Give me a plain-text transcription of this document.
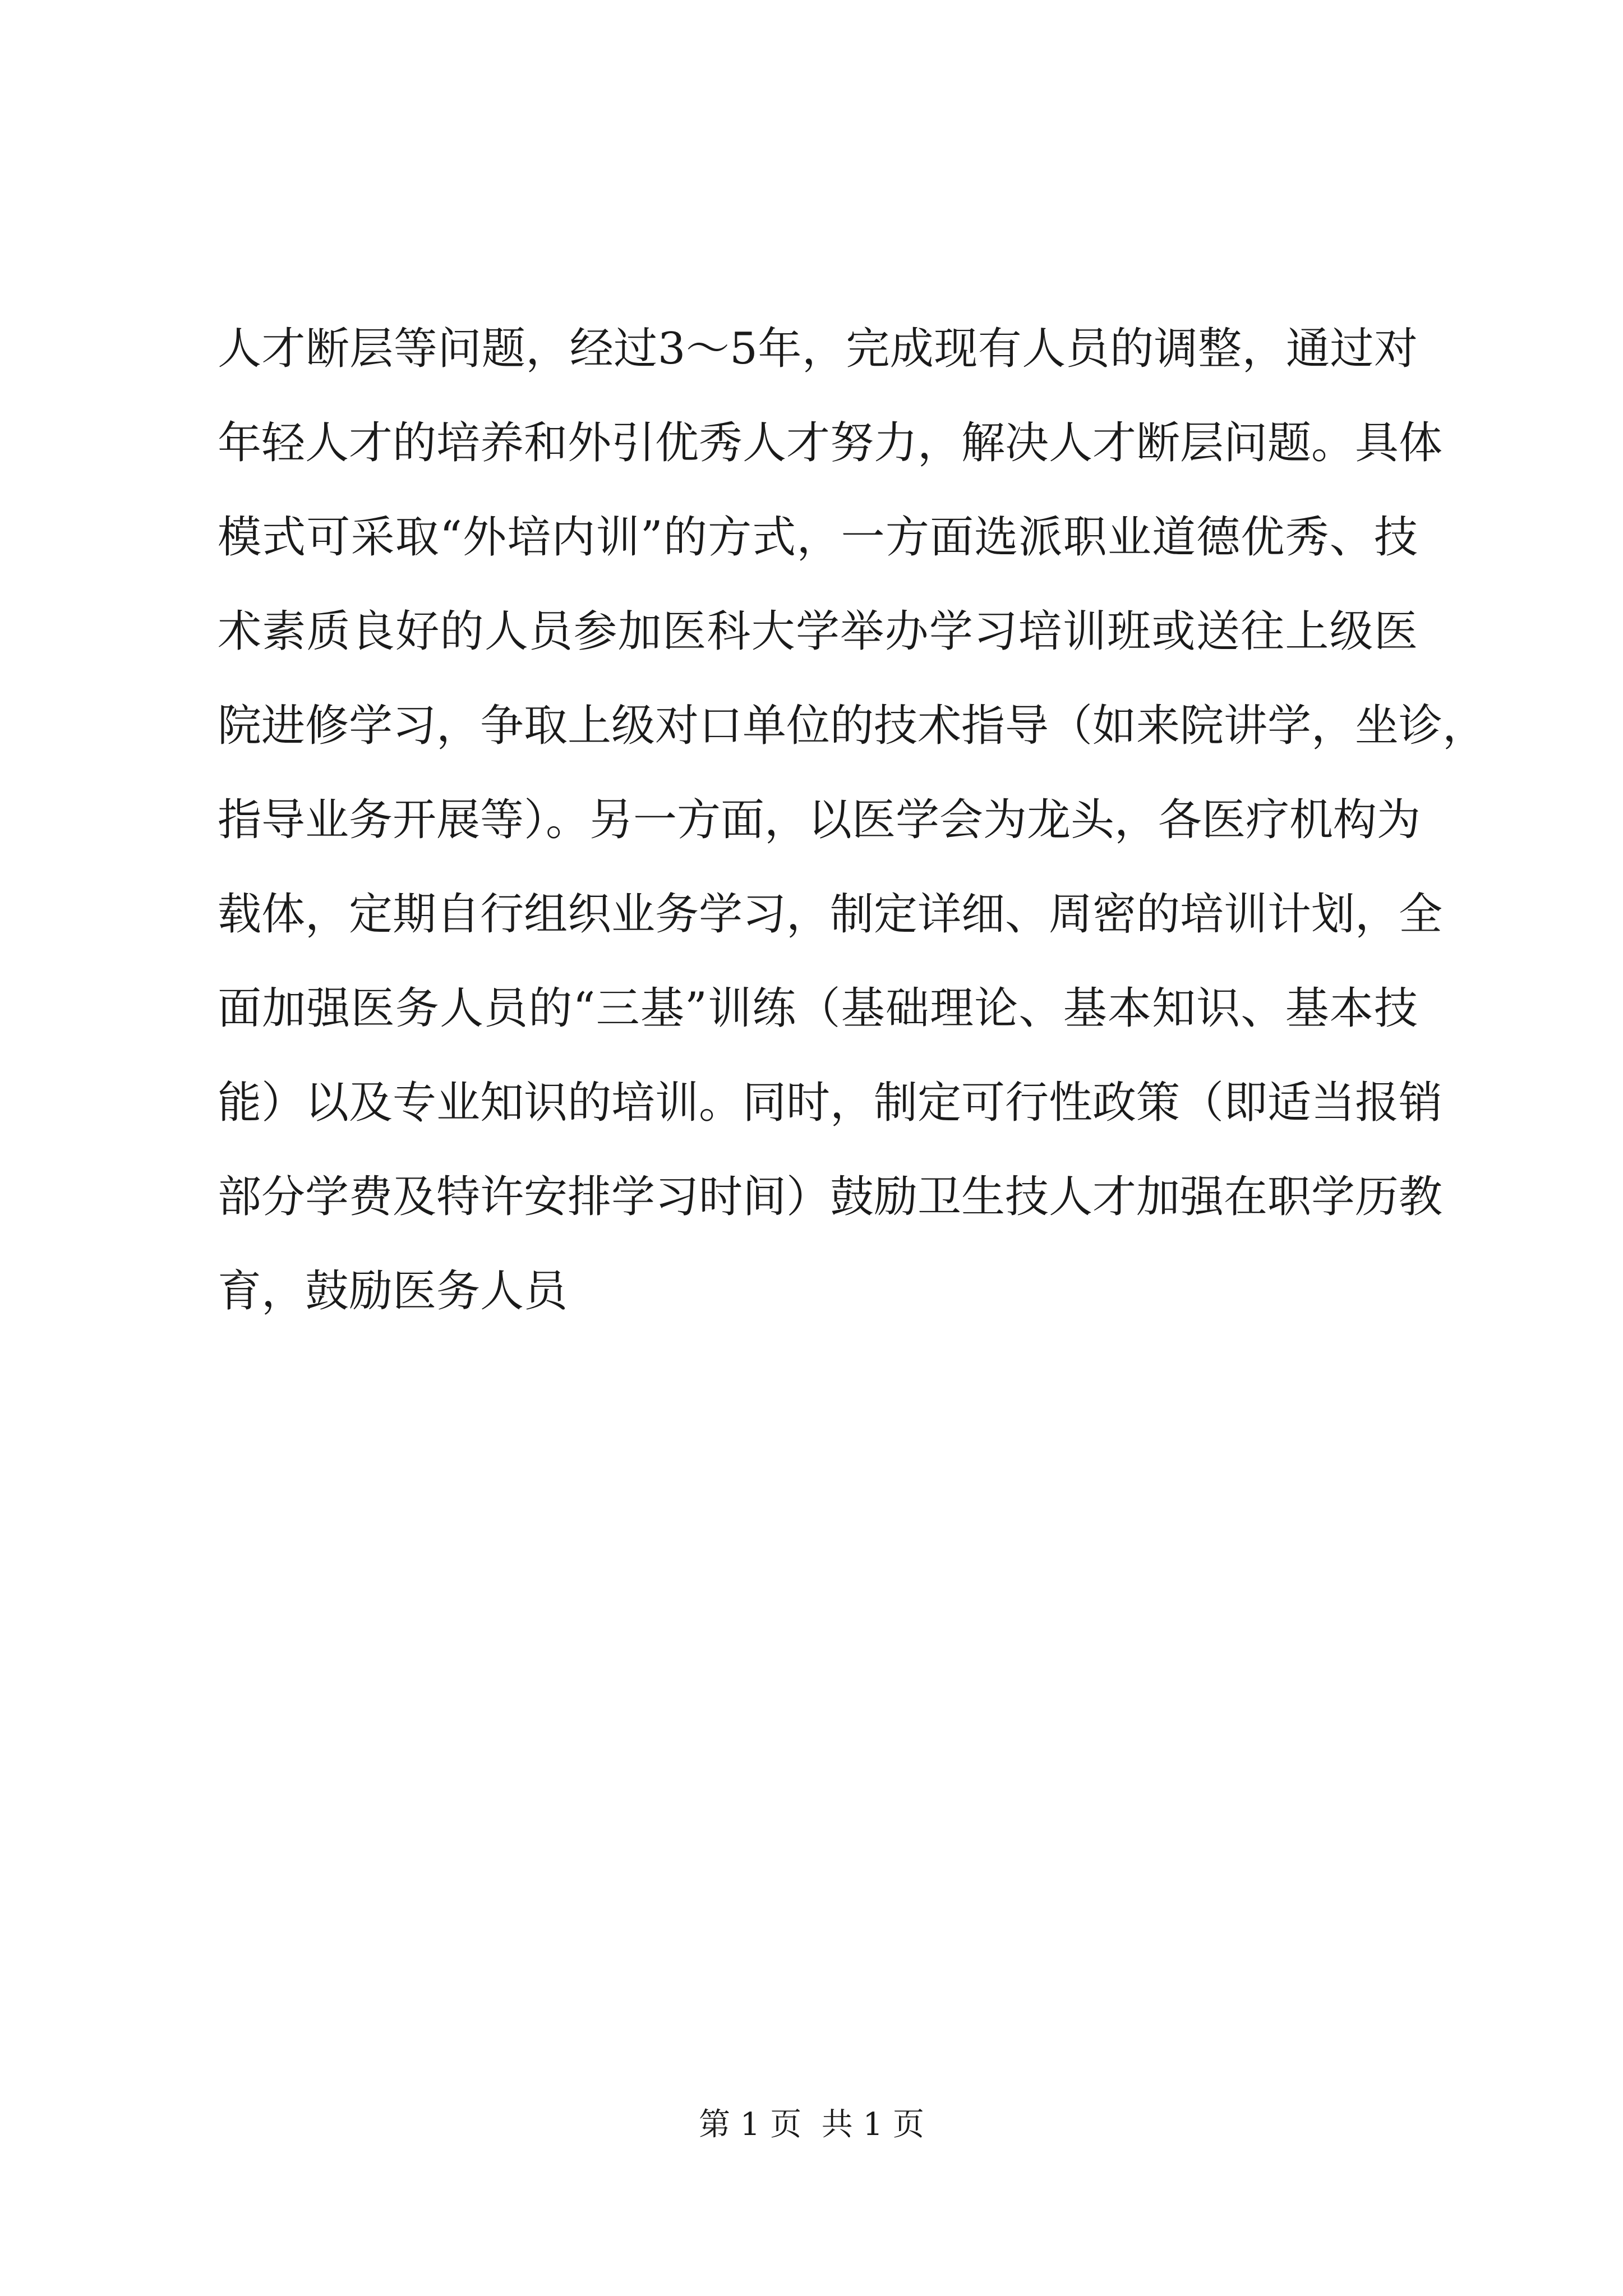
人才断层等问题，经过3～5年，完成现有人员的调整，通过对
年轻人才的培养和外引优秀人才努力，解决人才断层问题。具体
模式可采取“外培内训”的方式，一方面选派职业道德优秀、技
术素质良好的人员参加医科大学举办学习培训班或送往上级医
院进修学习，争取上级对口单位的技术指导（如来院讲学，坐诊，
指导业务开展等）。另一方面，以医学会为龙头，各医疗机构为
载体，定期自行组织业务学习，制定详细、周密的培训计划，全
面加强医务人员的“三基”训练（基础理论、基本知识、基本技
能）以及专业知识的培训。同时，制定可行性政策（即适当报销
部分学费及特许安排学习时间）鼓励卫生技人才加强在职学历教
育，鼓励医务人员
第 1 页  共 1 页
